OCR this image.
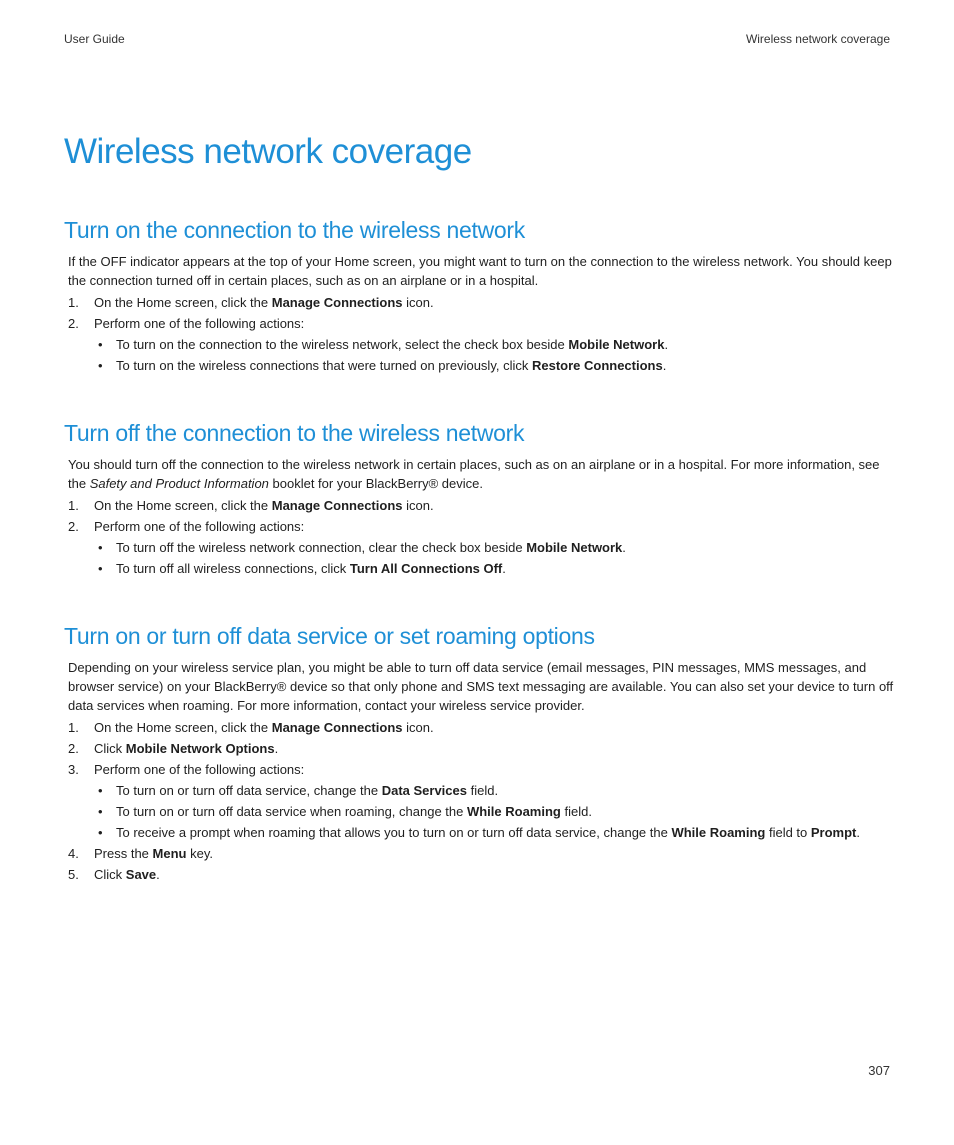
User Guide	Wireless network coverage
Wireless network coverage
Turn on the connection to the wireless network

If the OFF indicator appears at the top of your Home screen, you might want to turn on the connection to the wireless network. You should keep the connection turned off in certain places, such as on an airplane or in a hospital.

1. On the Home screen, click the Manage Connections icon.
2. Perform one of the following actions:
• To turn on the connection to the wireless network, select the check box beside Mobile Network.
• To turn on the wireless connections that were turned on previously, click Restore Connections.
Turn off the connection to the wireless network

You should turn off the connection to the wireless network in certain places, such as on an airplane or in a hospital. For more information, see the Safety and Product Information booklet for your BlackBerry® device.

1. On the Home screen, click the Manage Connections icon.
2. Perform one of the following actions:
• To turn off the wireless network connection, clear the check box beside Mobile Network.
• To turn off all wireless connections, click Turn All Connections Off.
Turn on or turn off data service or set roaming options

Depending on your wireless service plan, you might be able to turn off data service (email messages, PIN messages, MMS messages, and browser service) on your BlackBerry® device so that only phone and SMS text messaging are available. You can also set your device to turn off data services when roaming. For more information, contact your wireless service provider.

1. On the Home screen, click the Manage Connections icon.
2. Click Mobile Network Options.
3. Perform one of the following actions:
• To turn on or turn off data service, change the Data Services field.
• To turn on or turn off data service when roaming, change the While Roaming field.
• To receive a prompt when roaming that allows you to turn on or turn off data service, change the While Roaming field to Prompt.
4. Press the Menu key.
5. Click Save.
307
